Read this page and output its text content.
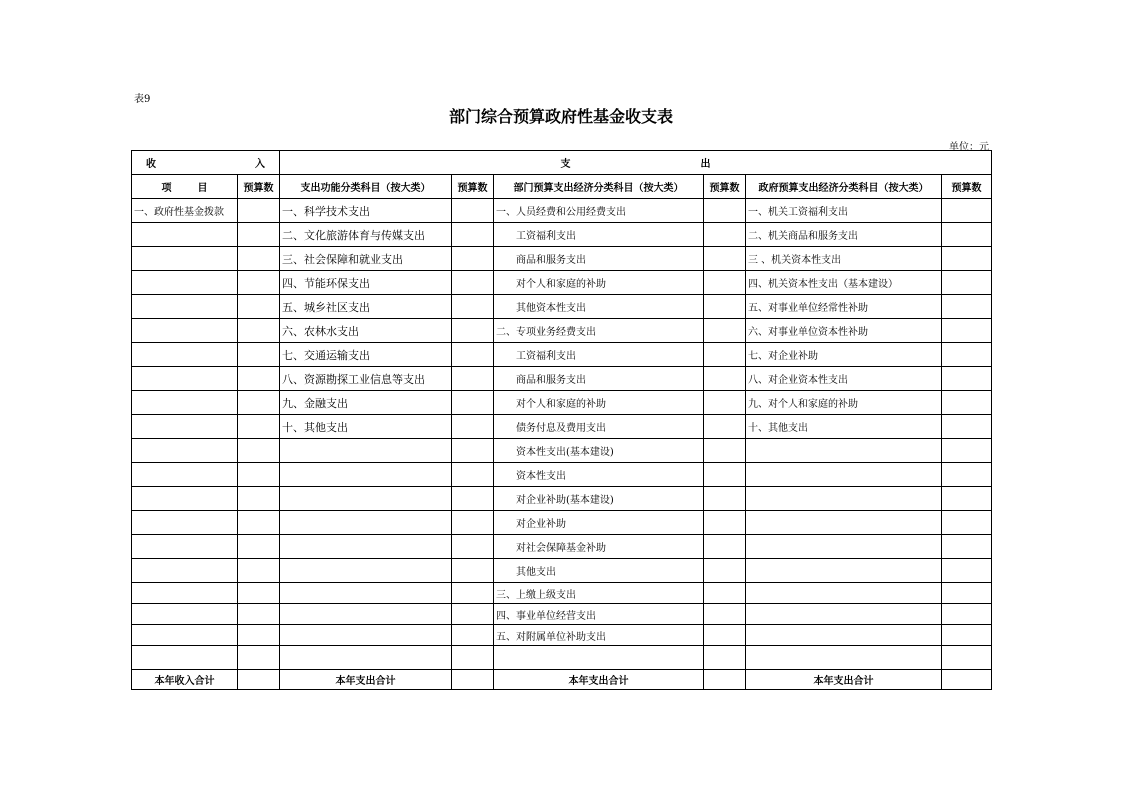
表9
部门综合预算政府性基金收支表
单位：元
收 入		支 出					

项 目	预算数	支出功能分类科目（按大类）	预算数	部门预算支出经济分类科目（按大类）	预算数	政府预算支出经济分类科目（按大类）	预算数
一、政府性基金拨款		一、科学技术支出		一、人员经费和公用经费支出		一、机关工资福利支出	
		二、文化旅游体育与传媒支出		工资福利支出		二、机关商品和服务支出	
		三、社会保障和就业支出		商品和服务支出		三 、机关资本性支出	
		四、节能环保支出		对个人和家庭的补助		四、机关资本性支出（基本建设）	
		五、城乡社区支出		其他资本性支出		五、对事业单位经常性补助	
		六、农林水支出		二、专项业务经费支出		六、对事业单位资本性补助	
		七、交通运输支出		工资福利支出		七、对企业补助	
		八、资源勘探工业信息等支出		商品和服务支出		八、对企业资本性支出	
		九、金融支出		对个人和家庭的补助		九、对个人和家庭的补助	
		十、其他支出		债务付息及费用支出		十、其他支出	
				资本性支出(基本建设)			
				资本性支出			
				对企业补助(基本建设)			
				对企业补助			
				对社会保障基金补助			
				其他支出			
				三、上缴上级支出			
				四、事业单位经营支出			
				五、对附属单位补助支出			

本年收入合计		本年支出合计		本年支出合计		本年支出合计	
